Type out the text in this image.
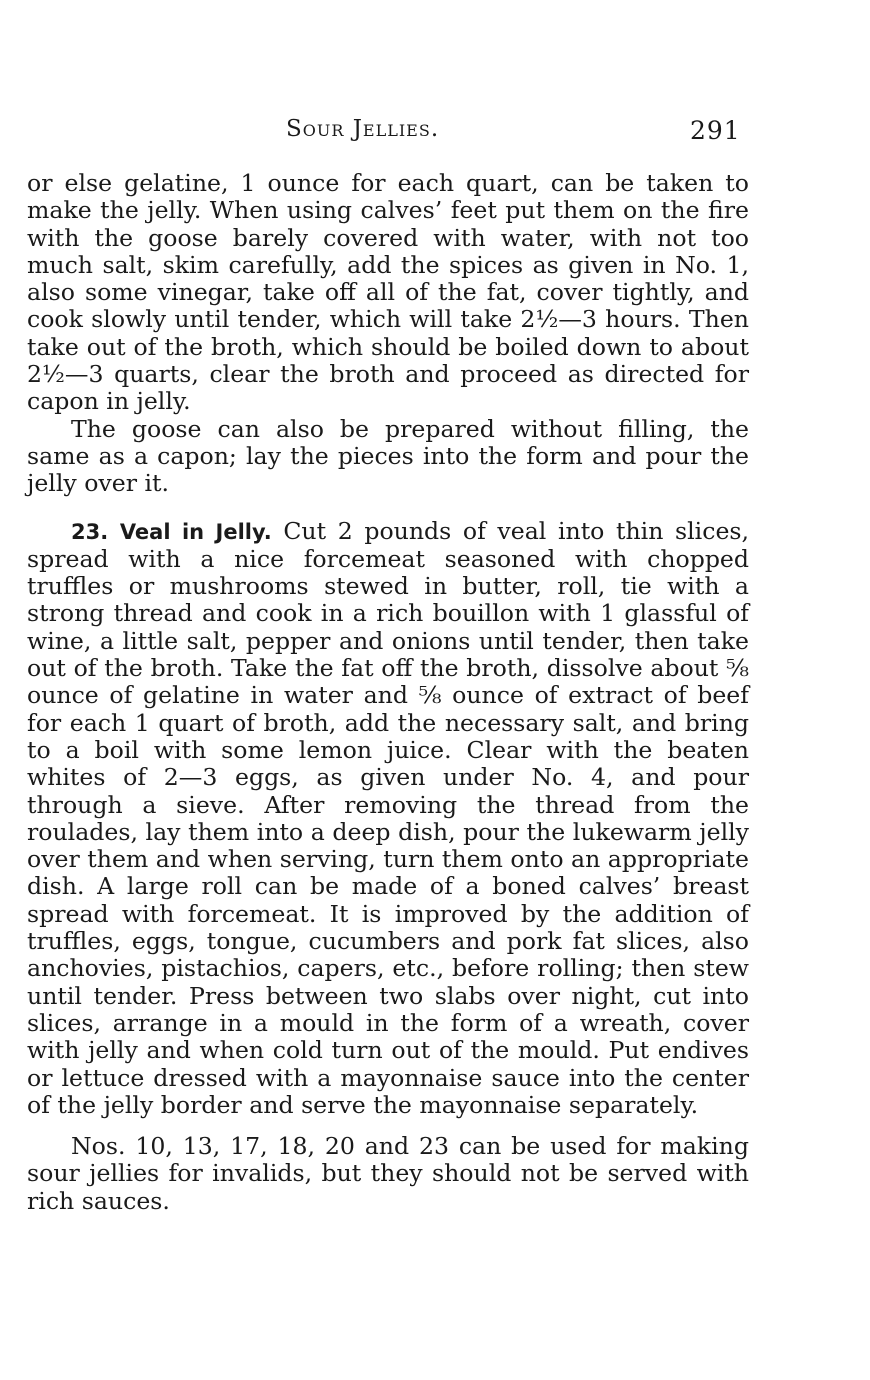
Sour Jellies.	291

or else gelatine, 1 ounce for each quart, can be taken to make the jelly. When using calves’ feet put them on the fire with the goose barely covered with water, with not too much salt, skim carefully, add the spices as given in No. 1, also some vinegar, take off all of the fat, cover tightly, and cook slowly until tender, which will take 2½—3 hours. Then take out of the broth, which should be boiled down to about 2½—3 quarts, clear the broth and proceed as directed for capon in jelly.

The goose can also be prepared without filling, the same as a capon; lay the pieces into the form and pour the jelly over it.

23. Veal in Jelly. Cut 2 pounds of veal into thin slices, spread with a nice forcemeat seasoned with chopped truffles or mushrooms stewed in butter, roll, tie with a strong thread and cook in a rich bouillon with 1 glassful of wine, a little salt, pepper and onions until tender, then take out of the broth. Take the fat off the broth, dissolve about ⅝ ounce of gelatine in water and ⅝ ounce of extract of beef for each 1 quart of broth, add the necessary salt, and bring to a boil with some lemon juice. Clear with the beaten whites of 2—3 eggs, as given under No. 4, and pour through a sieve. After removing the thread from the roulades, lay them into a deep dish, pour the lukewarm jelly over them and when serving, turn them onto an appropriate dish. A large roll can be made of a boned calves’ breast spread with forcemeat. It is improved by the addition of truffles, eggs, tongue, cucumbers and pork fat slices, also anchovies, pistachios, capers, etc., before rolling; then stew until tender. Press between two slabs over night, cut into slices, arrange in a mould in the form of a wreath, cover with jelly and when cold turn out of the mould. Put endives or lettuce dressed with a mayonnaise sauce into the center of the jelly border and serve the mayonnaise separately.

Nos. 10, 13, 17, 18, 20 and 23 can be used for making sour jellies for invalids, but they should not be served with rich sauces.
